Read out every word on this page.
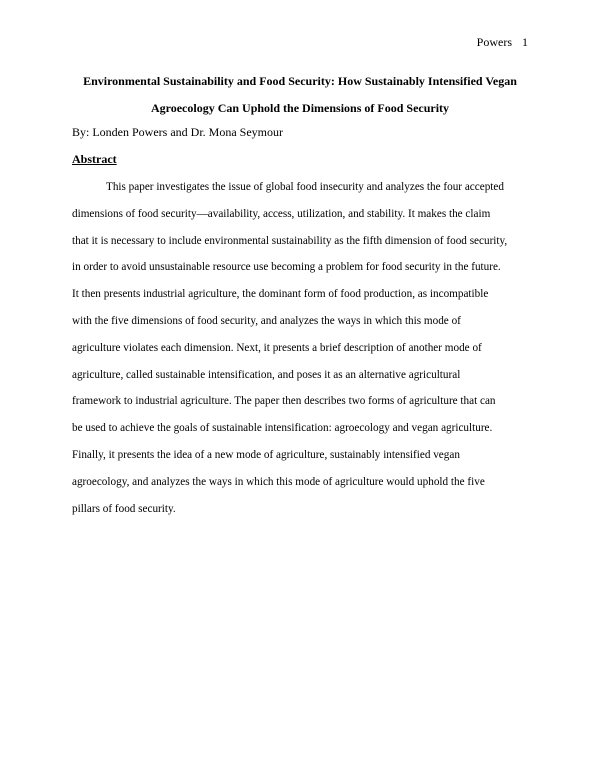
Powers 1
Environmental Sustainability and Food Security: How Sustainably Intensified Vegan
Agroecology Can Uphold the Dimensions of Food Security
By: Londen Powers and Dr. Mona Seymour
Abstract

This paper investigates the issue of global food insecurity and analyzes the four accepted
dimensions of food security—availability, access, utilization, and stability. It makes the claim
that it is necessary to include environmental sustainability as the fifth dimension of food security,
in order to avoid unsustainable resource use becoming a problem for food security in the future.
It then presents industrial agriculture, the dominant form of food production, as incompatible
with the five dimensions of food security, and analyzes the ways in which this mode of
agriculture violates each dimension. Next, it presents a brief description of another mode of
agriculture, called sustainable intensification, and poses it as an alternative agricultural
framework to industrial agriculture. The paper then describes two forms of agriculture that can
be used to achieve the goals of sustainable intensification: agroecology and vegan agriculture.
Finally, it presents the idea of a new mode of agriculture, sustainably intensified vegan
agroecology, and analyzes the ways in which this mode of agriculture would uphold the five
pillars of food security.
